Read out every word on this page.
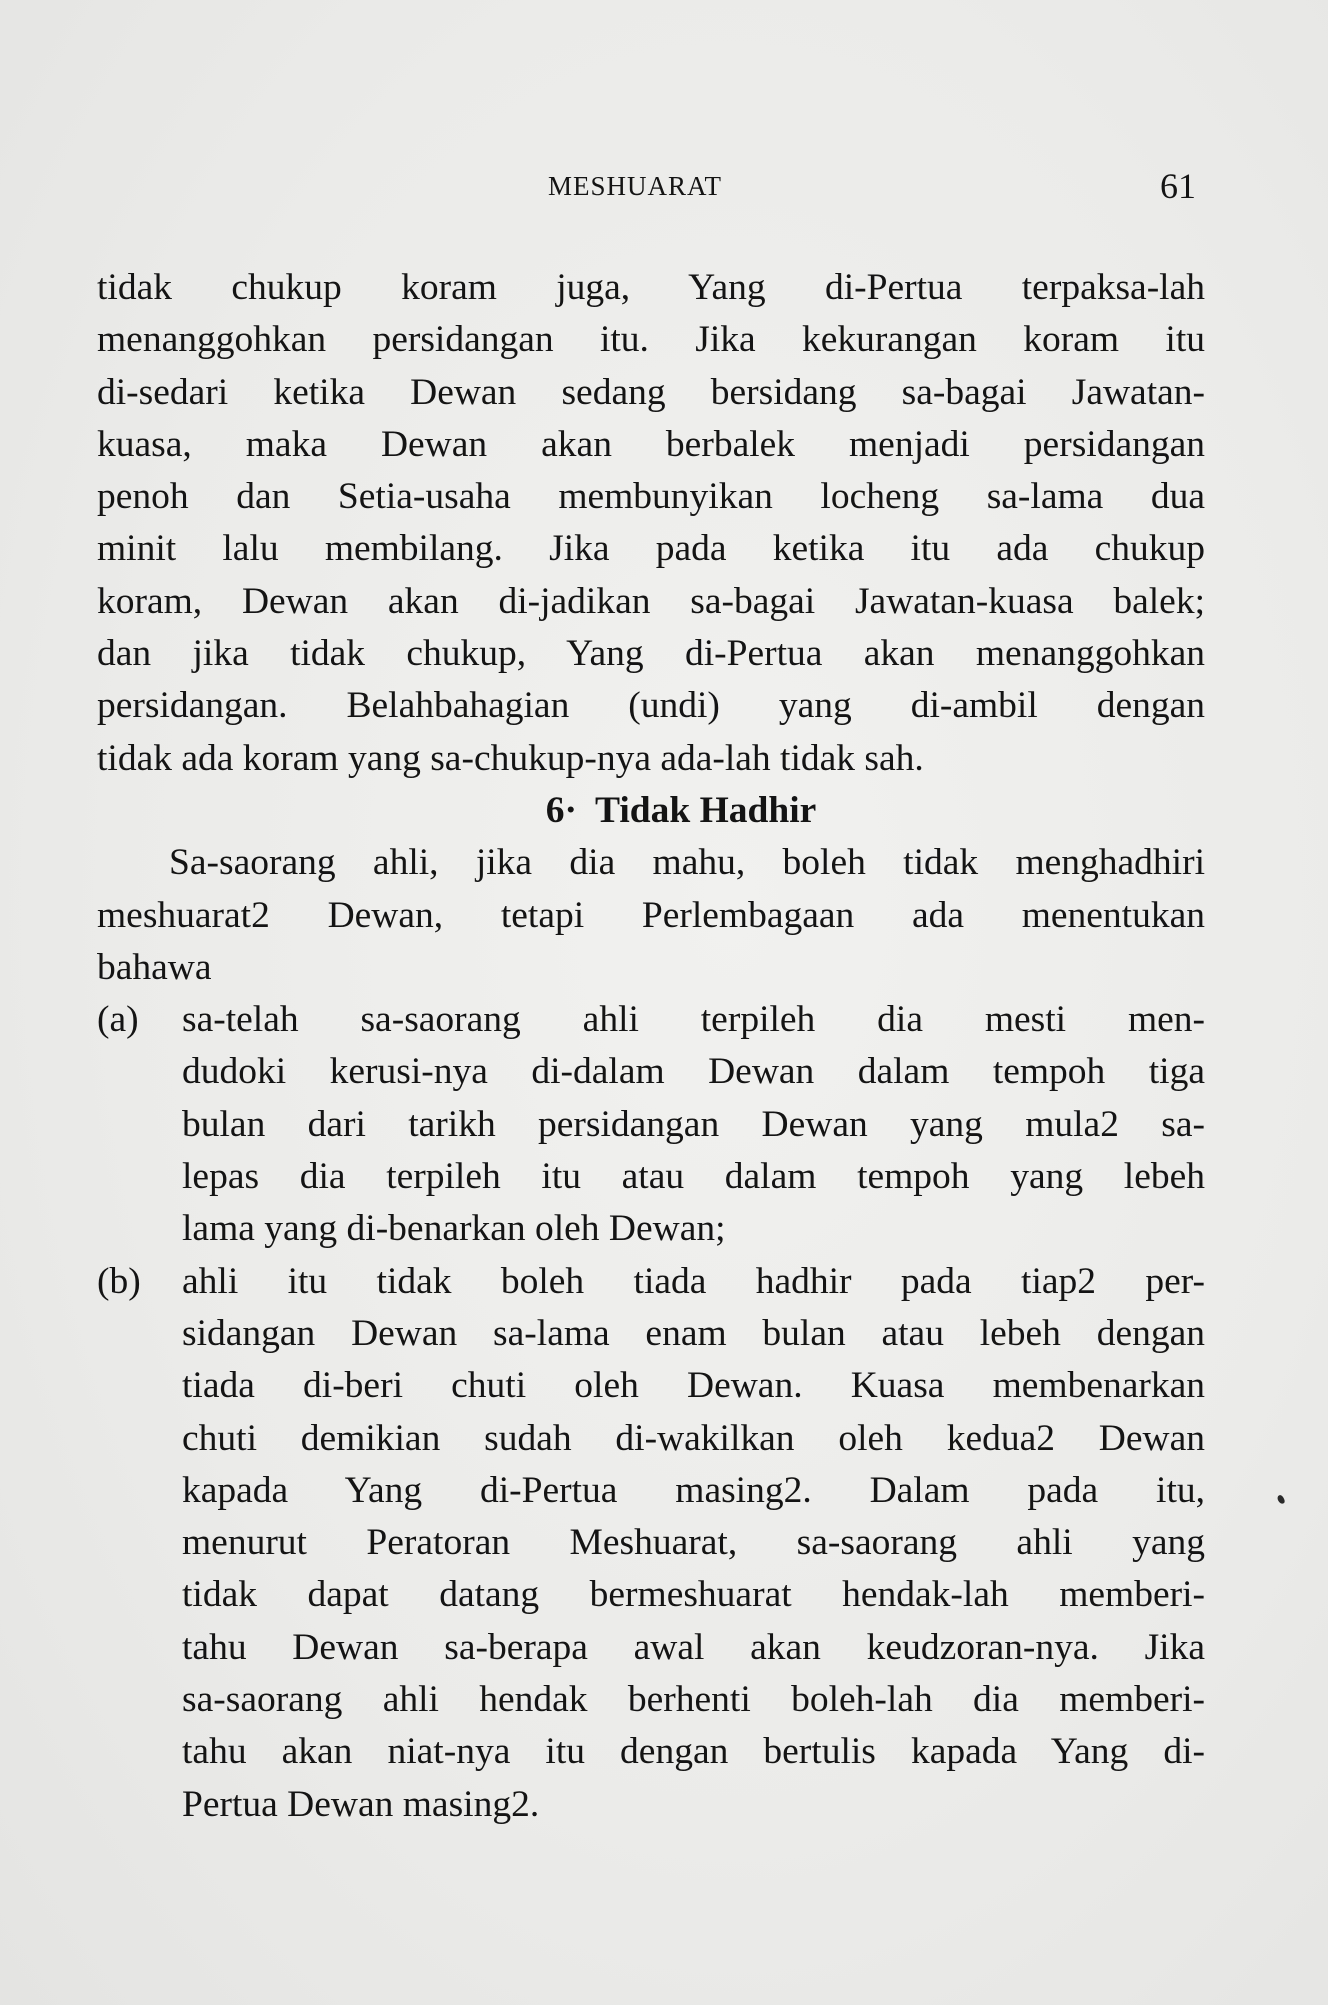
MESHUARAT	61
tidak chukup koram juga, Yang di-Pertua terpaksa-lah
menanggohkan persidangan itu. Jika kekurangan koram itu
di-sedari ketika Dewan sedang bersidang sa-bagai Jawatan-
kuasa, maka Dewan akan berbalek menjadi persidangan
penoh dan Setia-usaha membunyikan locheng sa-lama dua
minit lalu membilang. Jika pada ketika itu ada chukup
koram, Dewan akan di-jadikan sa-bagai Jawatan-kuasa balek;
dan jika tidak chukup, Yang di-Pertua akan menanggohkan
persidangan. Belahbahagian (undi) yang di-ambil dengan
tidak ada koram yang sa-chukup-nya ada-lah tidak sah.
6· Tidak Hadhir
Sa-saorang ahli, jika dia mahu, boleh tidak menghadhiri
meshuarat2 Dewan, tetapi Perlembagaan ada menentukan
bahawa
(a) sa-telah sa-saorang ahli terpileh dia mesti men-
dudoki kerusi-nya di-dalam Dewan dalam tempoh tiga
bulan dari tarikh persidangan Dewan yang mula2 sa-
lepas dia terpileh itu atau dalam tempoh yang lebeh
lama yang di-benarkan oleh Dewan;
(b) ahli itu tidak boleh tiada hadhir pada tiap2 per-
sidangan Dewan sa-lama enam bulan atau lebeh dengan
tiada di-beri chuti oleh Dewan. Kuasa membenarkan
chuti demikian sudah di-wakilkan oleh kedua2 Dewan
kapada Yang di-Pertua masing2. Dalam pada itu,
menurut Peratoran Meshuarat, sa-saorang ahli yang
tidak dapat datang bermeshuarat hendak-lah memberi-
tahu Dewan sa-berapa awal akan keudzoran-nya. Jika
sa-saorang ahli hendak berhenti boleh-lah dia memberi-
tahu akan niat-nya itu dengan bertulis kapada Yang di-
Pertua Dewan masing2.
